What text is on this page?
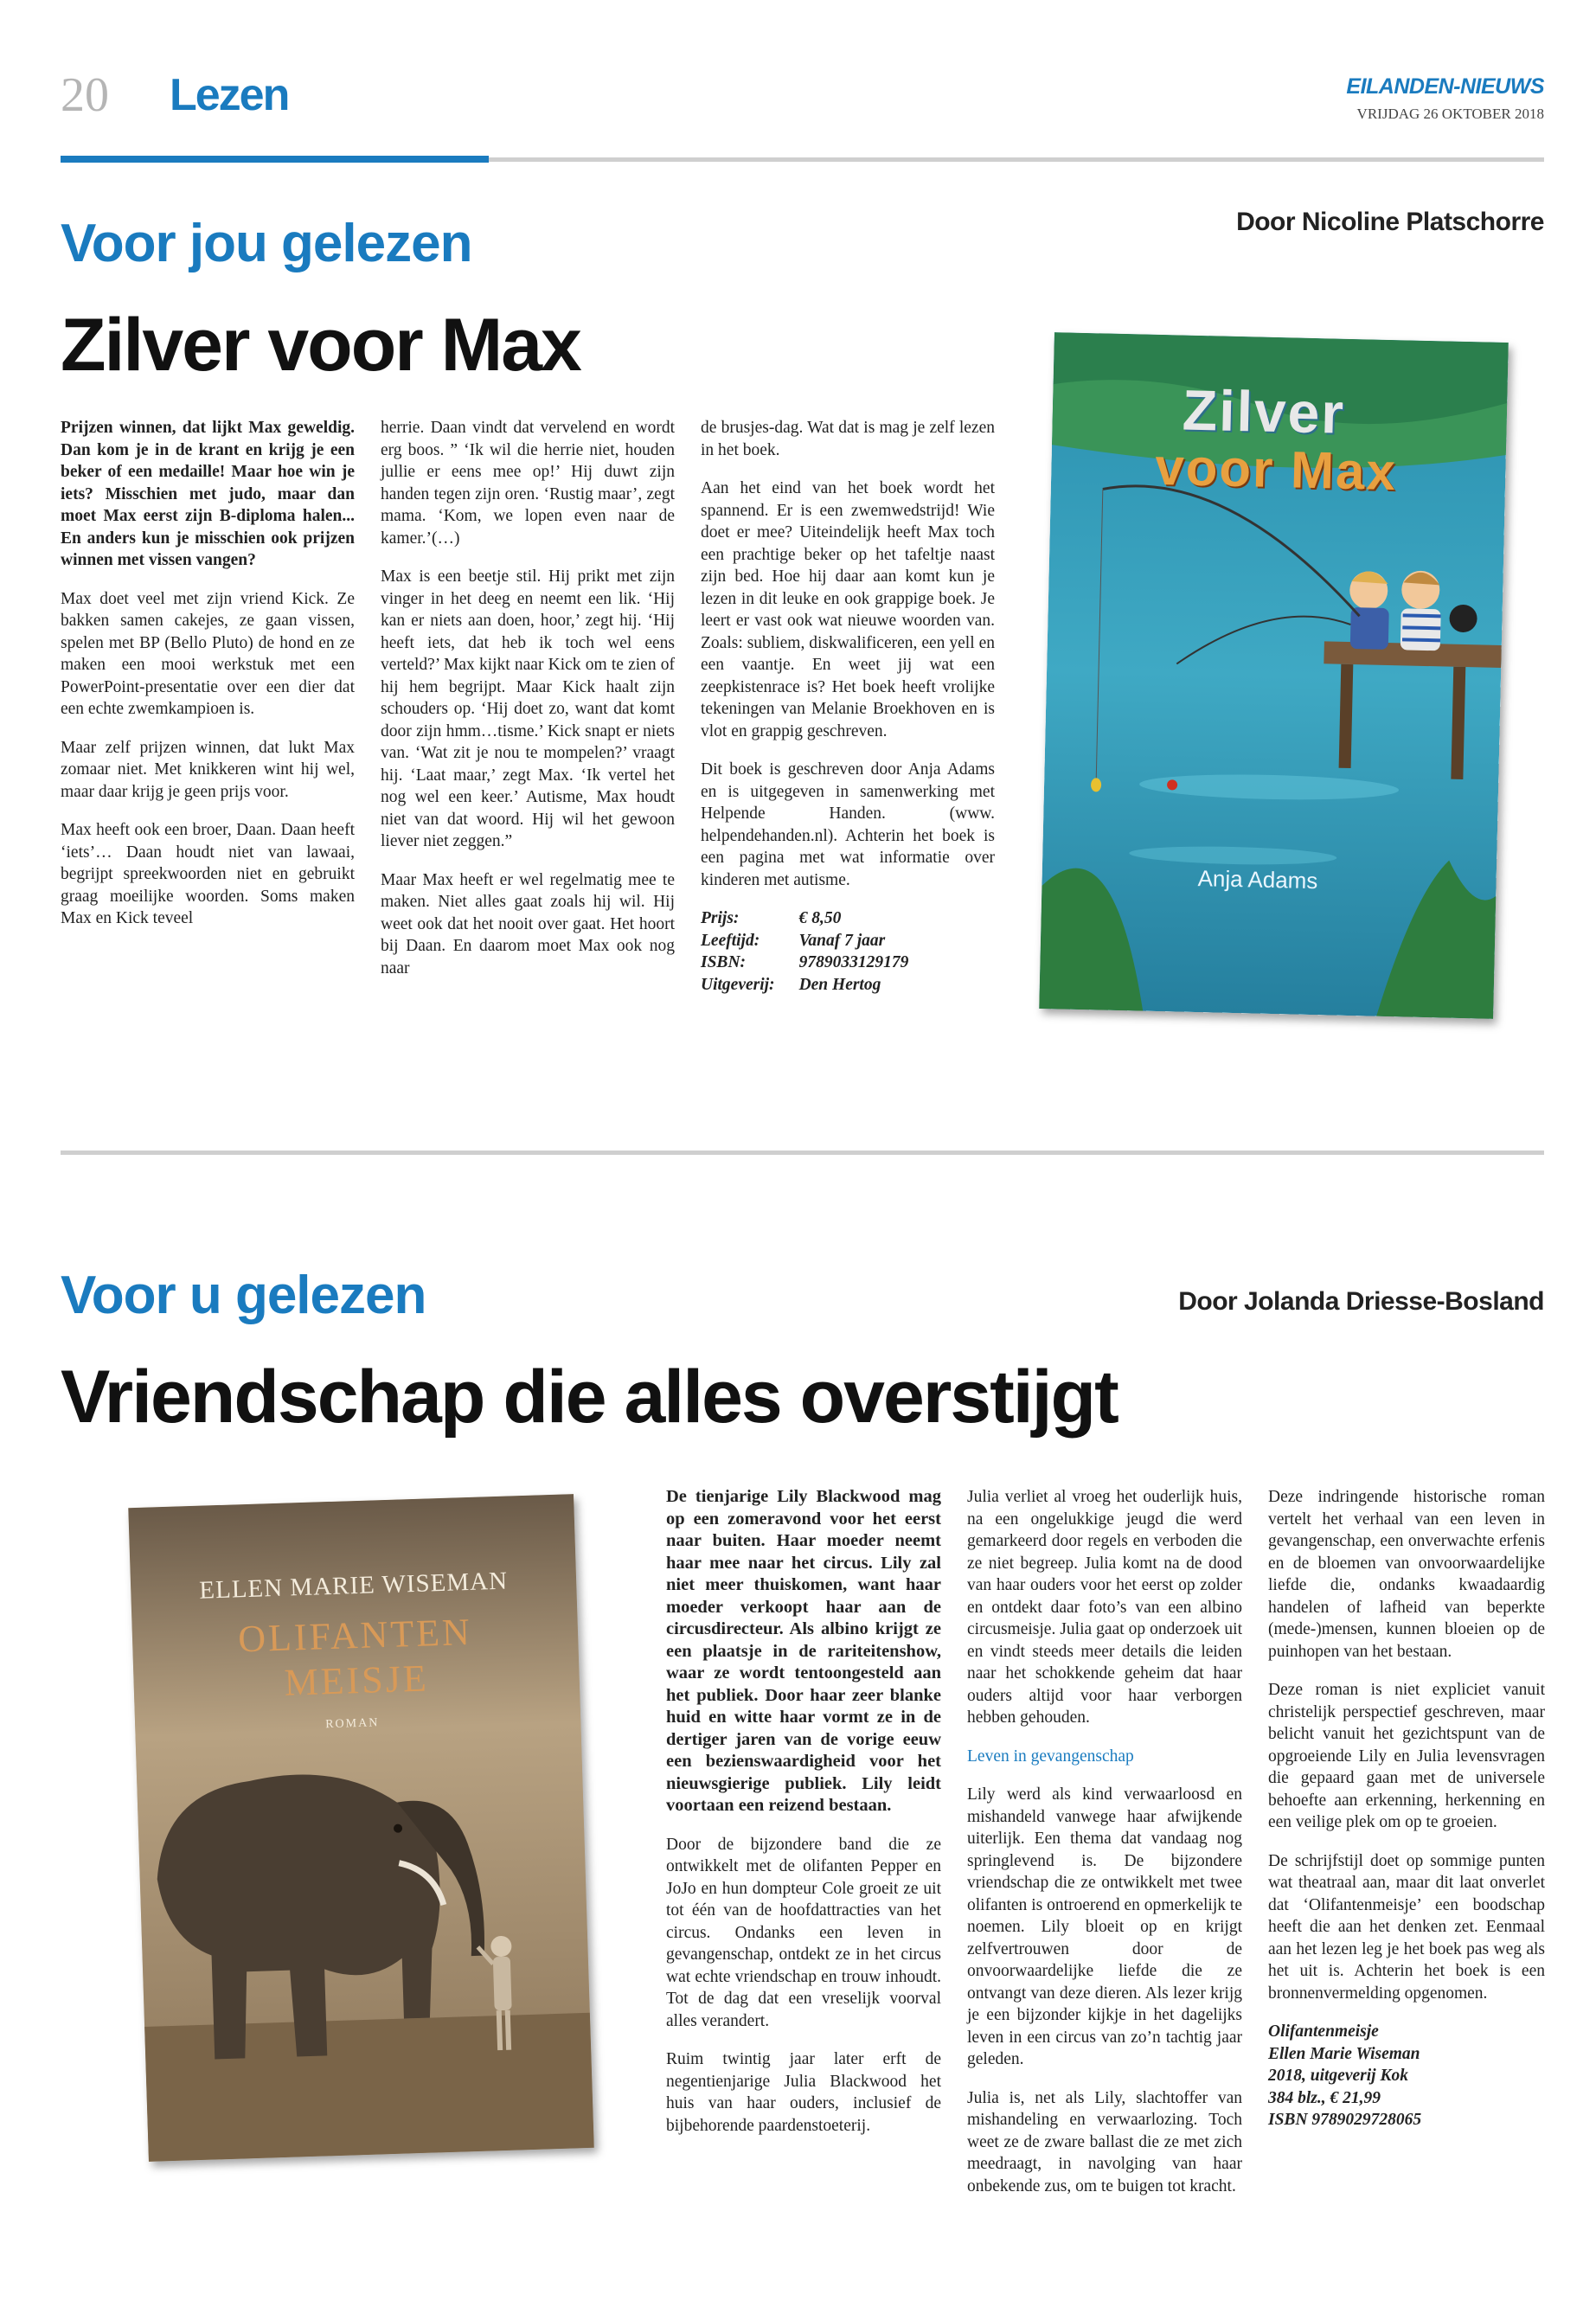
20 Lezen	EILANDEN-NIEUWS
VRIJDAG 26 OKTOBER 2018
Voor jou gelezen	Door Nicoline Platschorre
Zilver voor Max

Prijzen winnen, dat lijkt Max geweldig. Dan kom je in de krant en krijg je een beker of een medaille! Maar hoe win je iets? Misschien met judo, maar dan moet Max eerst zijn B-diploma halen... En anders kun je misschien ook prijzen winnen met vissen vangen?

Max doet veel met zijn vriend Kick. Ze bakken samen cakejes, ze gaan vissen, spelen met BP (Bello Pluto) de hond en ze maken een mooi werkstuk met een PowerPoint-presentatie over een dier dat een echte zwemkampioen is.

Maar zelf prijzen winnen, dat lukt Max zomaar niet. Met knikkeren wint hij wel, maar daar krijg je geen prijs voor.

Max heeft ook een broer, Daan. Daan heeft ‘iets’… Daan houdt niet van lawaai, begrijpt spreekwoorden niet en gebruikt graag moeilijke woorden. Soms maken Max en Kick teveel

herrie. Daan vindt dat vervelend en wordt erg boos. ” ‘Ik wil die herrie niet, houden jullie er eens mee op!’ Hij duwt zijn handen tegen zijn oren. ‘Rustig maar’, zegt mama. ‘Kom, we lopen even naar de kamer.’(…)

Max is een beetje stil. Hij prikt met zijn vinger in het deeg en neemt een lik. ‘Hij kan er niets aan doen, hoor,’ zegt hij. ‘Hij heeft iets, dat heb ik toch wel eens verteld?’ Max kijkt naar Kick om te zien of hij hem begrijpt. Maar Kick haalt zijn schouders op. ‘Hij doet zo, want dat komt door zijn hmm…tisme.’ Kick snapt er niets van. ‘Wat zit je nou te mompelen?’ vraagt hij. ‘Laat maar,’ zegt Max. ‘Ik vertel het nog wel een keer.’ Autisme, Max houdt niet van dat woord. Hij wil het gewoon liever niet zeggen.”

Maar Max heeft er wel regelmatig mee te maken. Niet alles gaat zoals hij wil. Hij weet ook dat het nooit over gaat. Het hoort bij Daan. En daarom moet Max ook nog naar

de brusjes-dag. Wat dat is mag je zelf lezen in het boek.

Aan het eind van het boek wordt het spannend. Er is een zwemwedstrijd! Wie doet er mee? Uiteindelijk heeft Max toch een prachtige beker op het tafeltje naast zijn bed. Hoe hij daar aan komt kun je lezen in dit leuke en ook grappige boek. Je leert er vast ook wat nieuwe woorden van. Zoals: subliem, diskwalificeren, een yell en een vaantje. En weet jij wat een zeepkistenrace is? Het boek heeft vrolijke tekeningen van Melanie Broekhoven en is vlot en grappig geschreven.

Dit boek is geschreven door Anja Adams en is uitgegeven in samenwerking met Helpende Handen. (www. helpendehanden.nl). Achterin het boek is een pagina met wat informatie over kinderen met autisme.

Prijs:	€ 8,50
Leeftijd:	Vanaf 7 jaar
ISBN:	9789033129179
Uitgeverij:	Den Hertog
Zilver
voor Max
Anja Adams
Voor u gelezen	Door Jolanda Driesse-Bosland
Vriendschap die alles overstijgt
ELLEN MARIE WISEMAN
OLIFANTEN
MEISJE
ROMAN

De tienjarige Lily Blackwood mag op een zomeravond voor het eerst naar buiten. Haar moeder neemt haar mee naar het circus. Lily zal niet meer thuiskomen, want haar moeder verkoopt haar aan de circusdirecteur. Als albino krijgt ze een plaatsje in de rariteitenshow, waar ze wordt tentoongesteld aan het publiek. Door haar zeer blanke huid en witte haar vormt ze in de dertiger jaren van de vorige eeuw een bezienswaardigheid voor het nieuwsgierige publiek. Lily leidt voortaan een reizend bestaan.

Door de bijzondere band die ze ontwikkelt met de olifanten Pepper en JoJo en hun dompteur Cole groeit ze uit tot één van de hoofdattracties van het circus. Ondanks een leven in gevangenschap, ontdekt ze in het circus wat echte vriendschap en trouw inhoudt. Tot de dag dat een vreselijk voorval alles verandert.

Ruim twintig jaar later erft de negentienjarige Julia Blackwood het huis van haar ouders, inclusief de bijbehorende paardenstoeterij.

Julia verliet al vroeg het ouderlijk huis, na een ongelukkige jeugd die werd gemarkeerd door regels en verboden die ze niet begreep. Julia komt na de dood van haar ouders voor het eerst op zolder en ontdekt daar foto’s van een albino circusmeisje. Julia gaat op onderzoek uit en vindt steeds meer details die leiden naar het schokkende geheim dat haar ouders altijd voor haar verborgen hebben gehouden.

Leven in gevangenschap

Lily werd als kind verwaarloosd en mishandeld vanwege haar afwijkende uiterlijk. Een thema dat vandaag nog springlevend is. De bijzondere vriendschap die ze ontwikkelt met twee olifanten is ontroerend en opmerkelijk te noemen. Lily bloeit op en krijgt zelfvertrouwen door de onvoorwaardelijke liefde die ze ontvangt van deze dieren. Als lezer krijg je een bijzonder kijkje in het dagelijks leven in een circus van zo’n tachtig jaar geleden.

Julia is, net als Lily, slachtoffer van mishandeling en verwaarlozing. Toch weet ze de zware ballast die ze met zich meedraagt, in navolging van haar onbekende zus, om te buigen tot kracht.

Deze indringende historische roman vertelt het verhaal van een leven in gevangenschap, een onverwachte erfenis en de bloemen van onvoorwaardelijke liefde die, ondanks kwaadaardig handelen of lafheid van beperkte (mede-)mensen, kunnen bloeien op de puinhopen van het bestaan.

Deze roman is niet expliciet vanuit christelijk perspectief geschreven, maar belicht vanuit het gezichtspunt van de opgroeiende Lily en Julia levensvragen die gepaard gaan met de universele behoefte aan erkenning, herkenning en een veilige plek om op te groeien.

De schrijfstijl doet op sommige punten wat theatraal aan, maar dit laat onverlet dat ‘Olifantenmeisje’ een boodschap heeft die aan het denken zet. Eenmaal aan het lezen leg je het boek pas weg als het uit is. Achterin het boek is een bronnenvermelding opgenomen.

Olifantenmeisje
Ellen Marie Wiseman
2018, uitgeverij Kok
384 blz., € 21,99
ISBN 9789029728065
